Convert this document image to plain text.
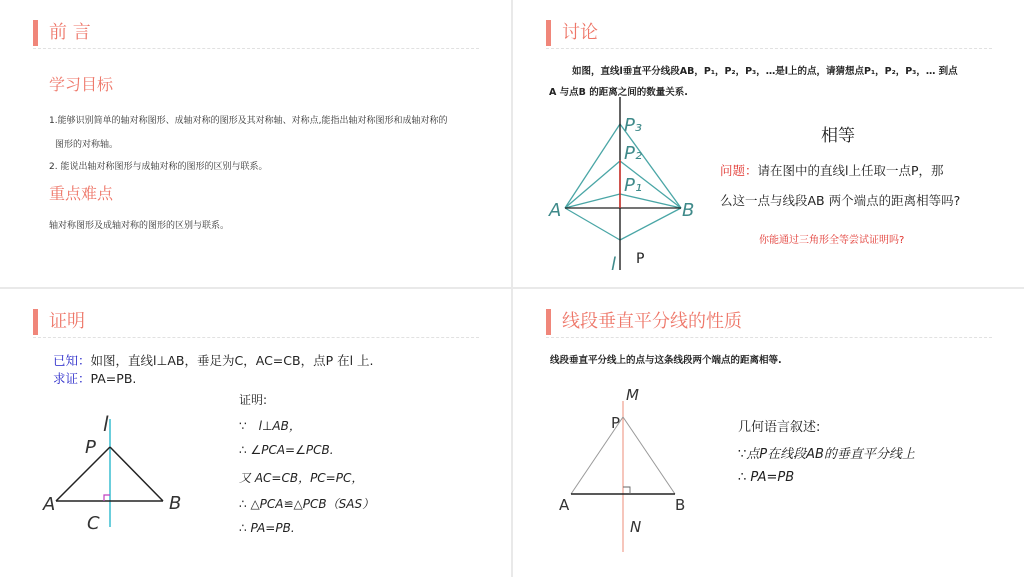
前 言
学习目标
1.能够识别简单的轴对称图形、成轴对称的图形及其对称轴、对称点,能指出轴对称图形和成轴对称的
图形的对称轴。
2. 能说出轴对称图形与成轴对称的图形的区别与联系。
重点难点
轴对称图形及成轴对称的图形的区别与联系。
讨论
如图，直线l垂直平分线段AB，P₁，P₂，P₃，…是l上的点，请猜想点P₁，P₂，P₃，… 到点
A 与点B 的距离之间的数量关系.
P₃
P₂
P₁
A	B
l P
相等
问题：请在图中的直线l上任取一点P，那
么这一点与线段AB 两个端点的距离相等吗?
你能通过三角形全等尝试证明吗?
证明
已知：如图，直线l⊥AB，垂足为C，AC=CB，点P 在l 上.
求证：PA=PB.
l
P
A	B
C
证明:
∵　l⊥AB，
∴ ∠PCA=∠PCB.
又 AC=CB，PC=PC，
∴ △PCA≌△PCB（SAS）
∴ PA=PB.
线段垂直平分线的性质
线段垂直平分线上的点与这条线段两个端点的距离相等.
M
P
A	B
N
几何语言叙述:
∵点P在线段AB的垂直平分线上
∴ PA=PB
